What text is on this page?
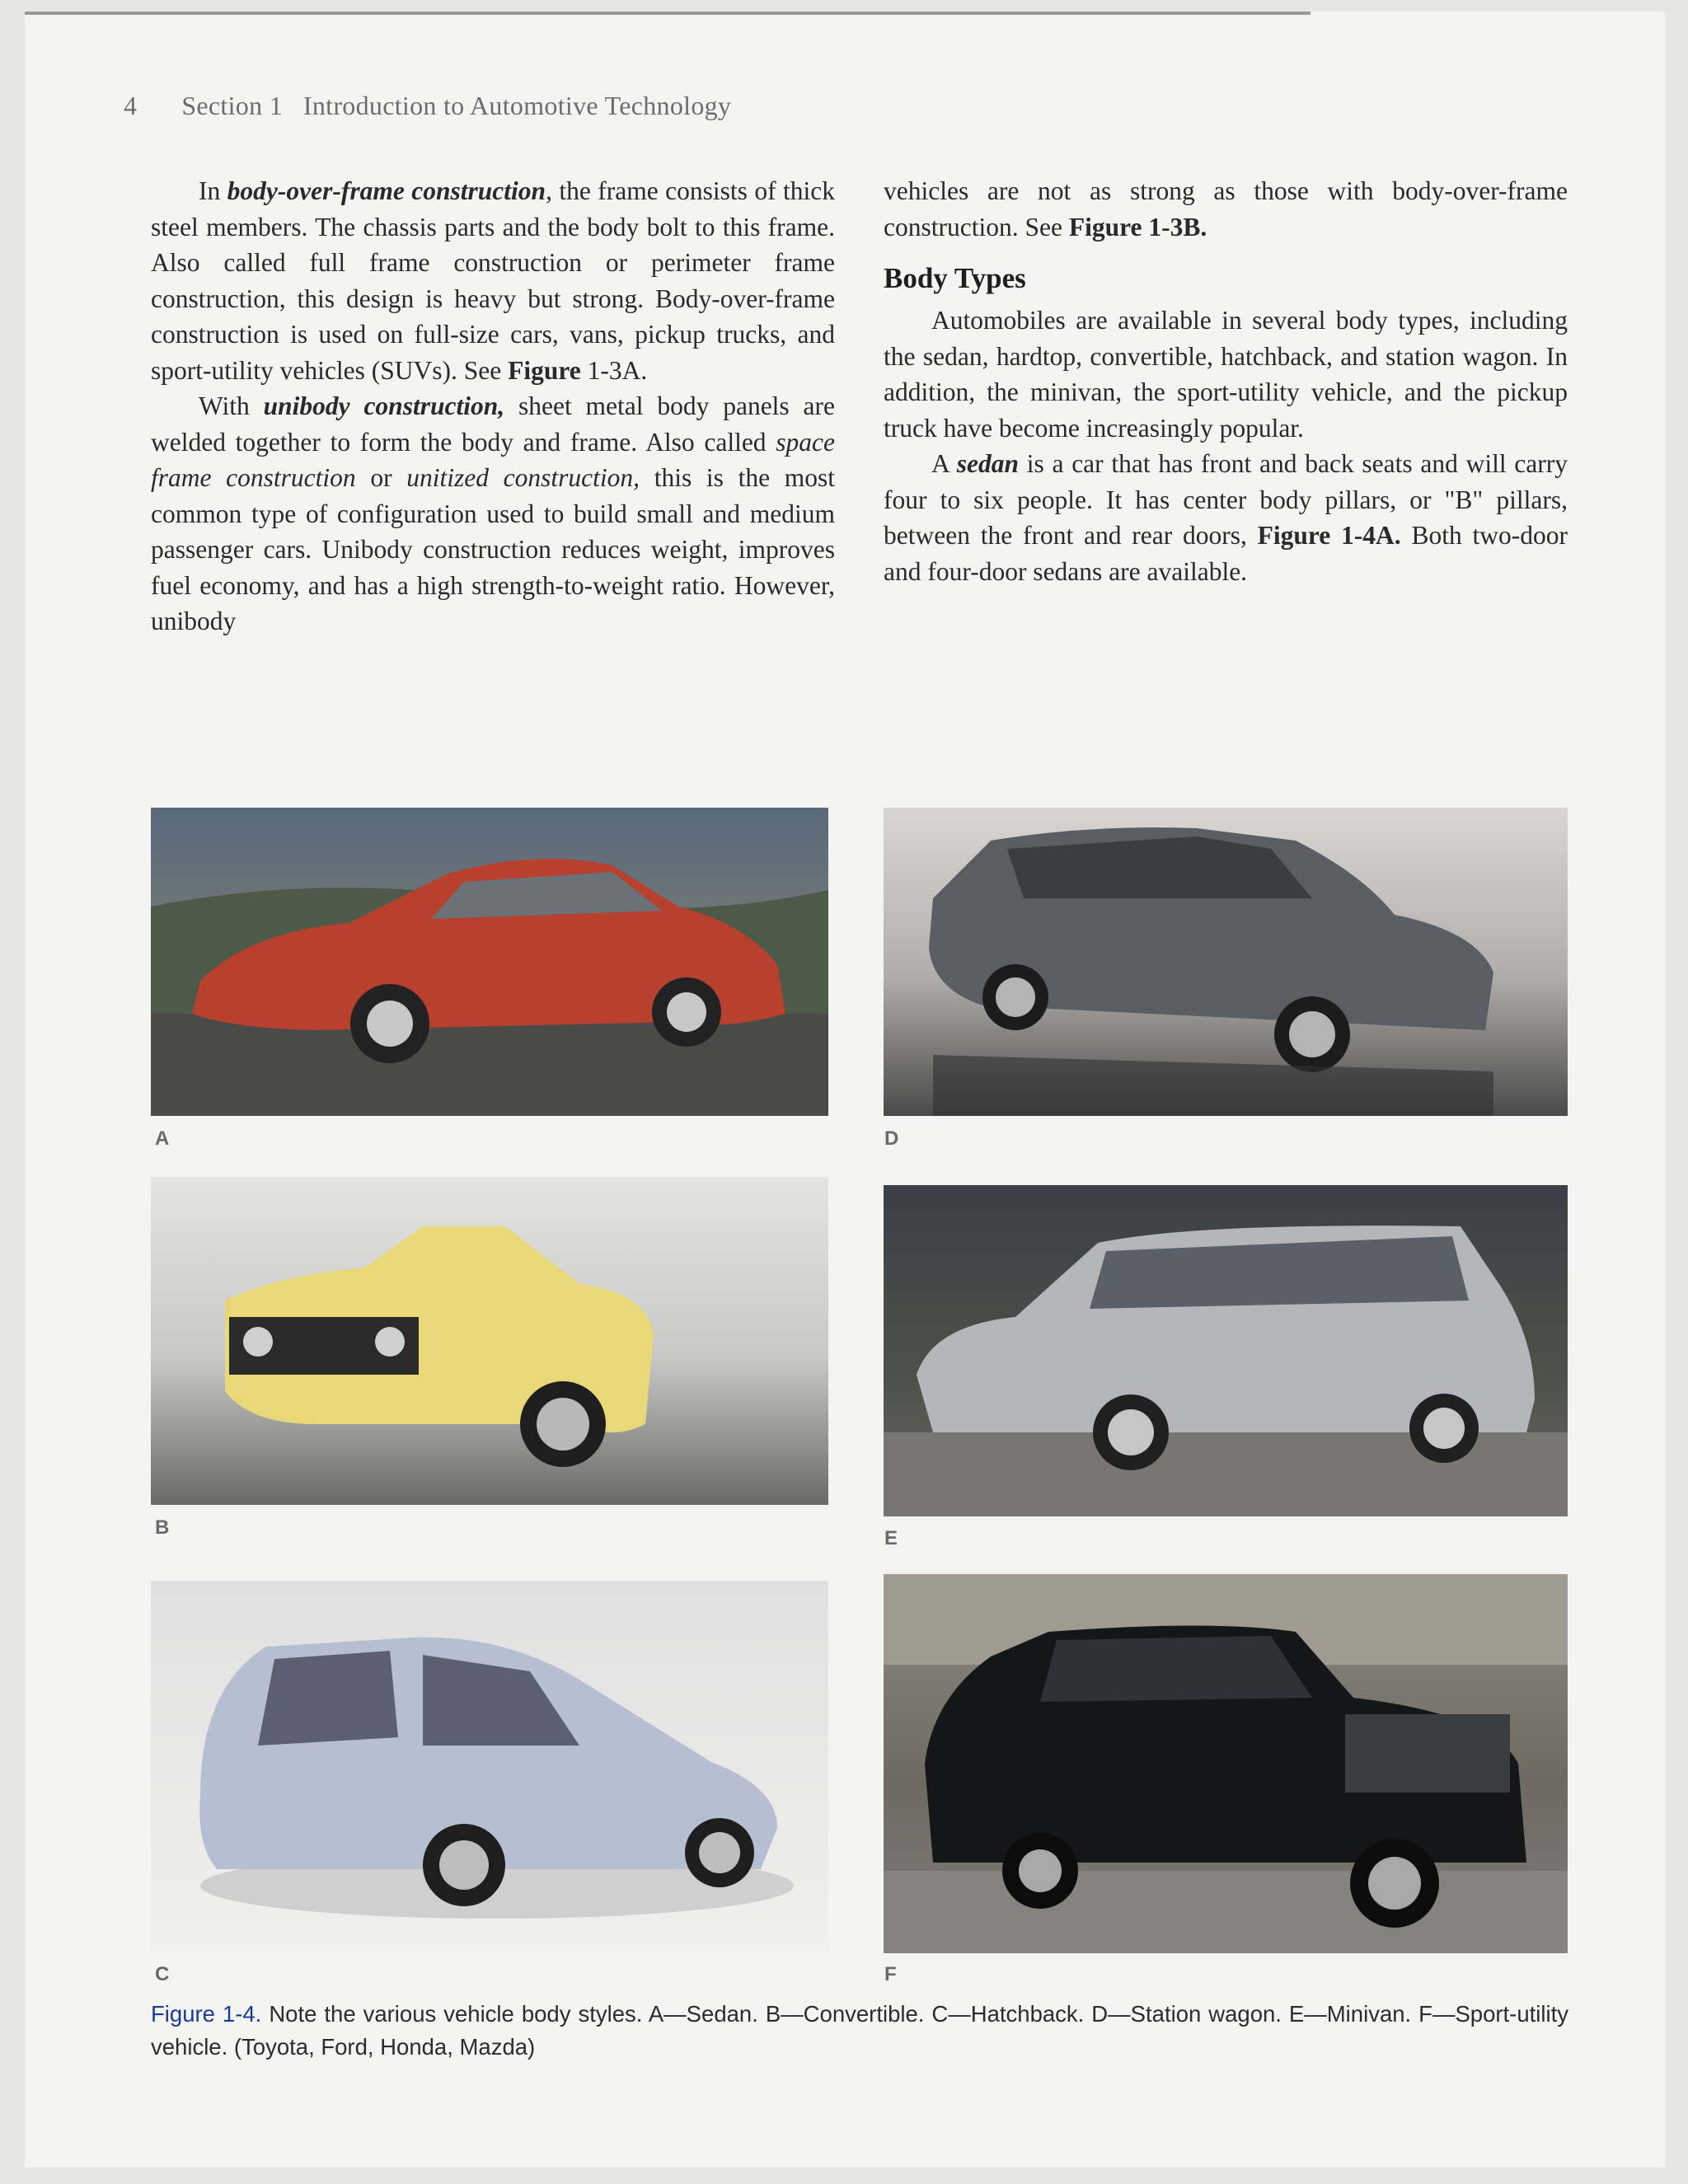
4 Section 1   Introduction to Automotive Technology

In body-over-frame construction, the frame consists of thick steel members. The chassis parts and the body bolt to this frame. Also called full frame construction or perimeter frame construction, this design is heavy but strong. Body-over-frame construction is used on full-size cars, vans, pickup trucks, and sport-utility vehicles (SUVs). See Figure 1-3A.

With unibody construction, sheet metal body panels are welded together to form the body and frame. Also called space frame construction or unitized construction, this is the most common type of configuration used to build small and medium passenger cars. Unibody construction reduces weight, improves fuel economy, and has a high strength-to-weight ratio. However, unibody

vehicles are not as strong as those with body-over-frame construction. See Figure 1-3B.

Body Types

Automobiles are available in several body types, including the sedan, hardtop, convertible, hatchback, and station wagon. In addition, the minivan, the sport-utility vehicle, and the pickup truck have become increasingly popular.

A sedan is a car that has front and back seats and will carry four to six people. It has center body pillars, or "B" pillars, between the front and rear doors, Figure 1-4A. Both two-door and four-door sedans are available.

A	D
B	E
C	F
Figure 1-4. Note the various vehicle body styles. A—Sedan. B—Convertible. C—Hatchback. D—Station wagon. E—Minivan. F—Sport-utility vehicle. (Toyota, Ford, Honda, Mazda)
